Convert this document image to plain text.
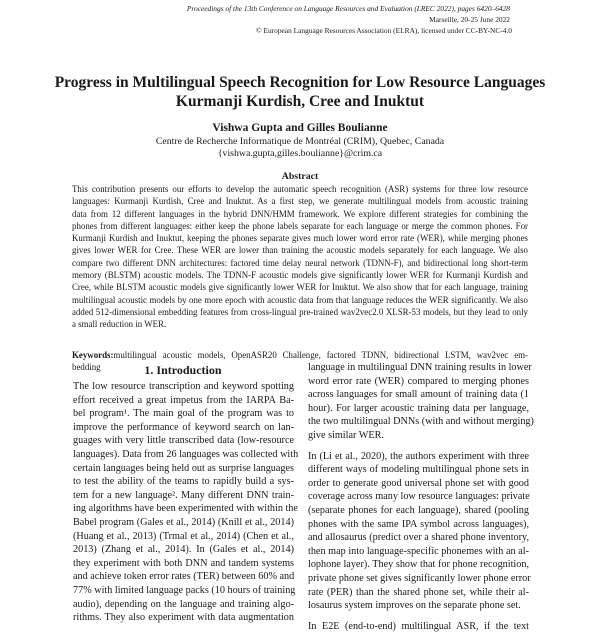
Proceedings of the 13th Conference on Language Resources and Evaluation (LREC 2022), pages 6420–6428
Marseille, 20-25 June 2022
© European Language Resources Association (ELRA), licensed under CC-BY-NC-4.0
Progress in Multilingual Speech Recognition for Low Resource Languages
Kurmanji Kurdish, Cree and Inuktut
Vishwa Gupta and Gilles Boulianne
Centre de Recherche Informatique de Montréal (CRIM), Quebec, Canada
{vishwa.gupta,gilles.boulianne}@crim.ca
Abstract
This contribution presents our efforts to develop the automatic speech recognition (ASR) systems for three low resource
languages: Kurmanji Kurdish, Cree and Inuktut. As a first step, we generate multilingual models from acoustic training
data from 12 different languages in the hybrid DNN/HMM framework. We explore different strategies for combining the
phones from different languages: either keep the phone labels separate for each language or merge the common phones. For
Kurmanji Kurdish and Inuktut, keeping the phones separate gives much lower word error rate (WER), while merging phones
gives lower WER for Cree. These WER are lower than training the acoustic models separately for each language. We also
compare two different DNN architectures: factored time delay neural network (TDNN-F), and bidirectional long short-term
memory (BLSTM) acoustic models. The TDNN-F acoustic models give significantly lower WER for Kurmanji Kurdish and
Cree, while BLSTM acoustic models give significantly lower WER for Inuktut. We also show that for each language, training
multilingual acoustic models by one more epoch with acoustic data from that language reduces the WER significantly. We also
added 512-dimensional embedding features from cross-lingual pre-trained wav2vec2.0 XLSR-53 models, but they lead to only
a small reduction in WER.
Keywords:multilingual acoustic models, OpenASR20 Challenge, factored TDNN, bidirectional LSTM, wav2vec em-
bedding	1. Introduction
The low resource transcription and keyword spotting
effort received a great impetus from the IARPA Ba-
bel program¹. The main goal of the program was to
improve the performance of keyword search on lan-
guages with very little transcribed data (low-resource
languages). Data from 26 languages was collected with
certain languages being held out as surprise languages
to test the ability of the teams to rapidly build a sys-
tem for a new language². Many different DNN train-
ing algorithms have been experimented with within the
Babel program (Gales et al., 2014) (Knill et al., 2014)
(Huang et al., 2013) (Trmal et al., 2014) (Chen et al.,
2013) (Zhang et al., 2014). In (Gales et al., 2014)
they experiment with both DNN and tandem systems
and achieve token error rates (TER) between 60% and
77% with limited language packs (10 hours of training
audio), depending on the language and training algo-
rithms. They also experiment with data augmentation
language in multilingual DNN training results in lower
word error rate (WER) compared to merging phones
across languages for small amount of training data (1
hour). For larger acoustic training data per language,
the two multilingual DNNs (with and without merging)
give similar WER.
In (Li et al., 2020), the authors experiment with three
different ways of modeling multilingual phone sets in
order to generate good universal phone set with good
coverage across many low resource languages: private
(separate phones for each language), shared (pooling
phones with the same IPA symbol across languages),
and allosaurus (predict over a shared phone inventory,
then map into language-specific phonemes with an al-
lophone layer). They show that for phone recognition,
private phone set gives significantly lower phone error
rate (PER) than the shared phone set, while their al-
losaurus system improves on the separate phone set.
In E2E (end-to-end) multilingual ASR, if the text
